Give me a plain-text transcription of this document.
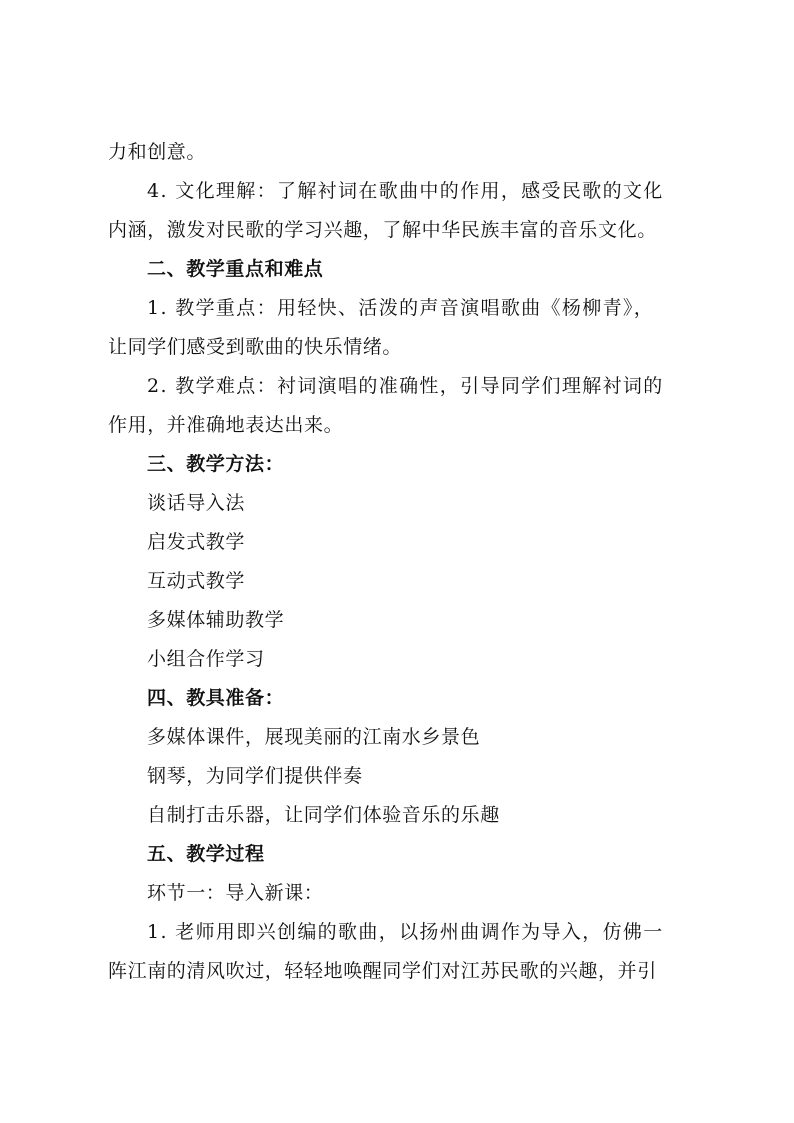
力和创意。
4. 文化理解：了解衬词在歌曲中的作用，感受民歌的文化
内涵，激发对民歌的学习兴趣，了解中华民族丰富的音乐文化。
二、教学重点和难点
1. 教学重点：用轻快、活泼的声音演唱歌曲《杨柳青》，
让同学们感受到歌曲的快乐情绪。
2. 教学难点：衬词演唱的准确性，引导同学们理解衬词的
作用，并准确地表达出来。
三、教学方法：
谈话导入法
启发式教学
互动式教学
多媒体辅助教学
小组合作学习
四、教具准备：
多媒体课件，展现美丽的江南水乡景色
钢琴，为同学们提供伴奏
自制打击乐器，让同学们体验音乐的乐趣
五、教学过程
环节一：导入新课：
1. 老师用即兴创编的歌曲，以扬州曲调作为导入，仿佛一
阵江南的清风吹过，轻轻地唤醒同学们对江苏民歌的兴趣，并引
